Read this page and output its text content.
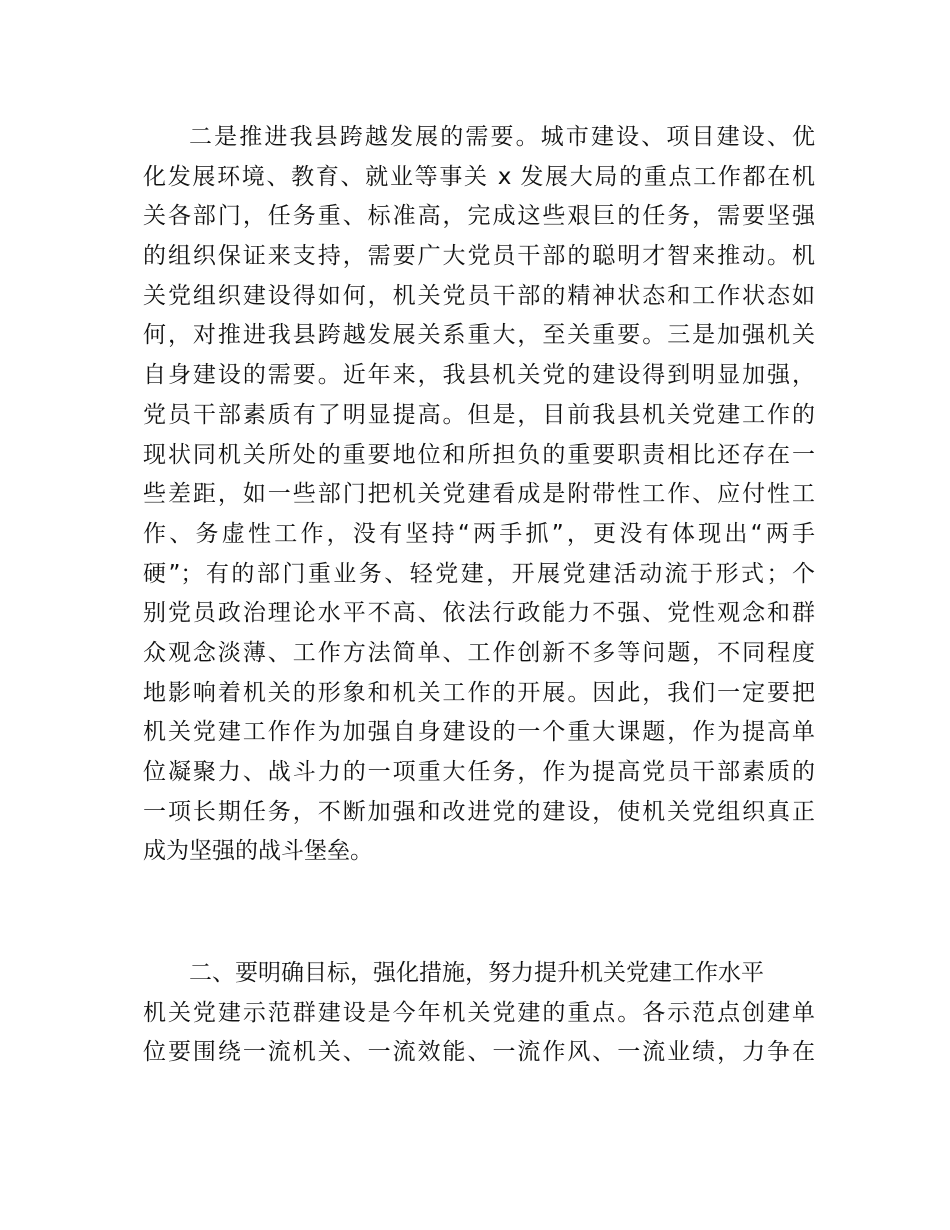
二是推进我县跨越发展的需要。城市建设、项目建设、优
化发展环境、教育、就业等事关 x 发展大局的重点工作都在机
关各部门，任务重、标准高，完成这些艰巨的任务，需要坚强
的组织保证来支持，需要广大党员干部的聪明才智来推动。机
关党组织建设得如何，机关党员干部的精神状态和工作状态如
何，对推进我县跨越发展关系重大，至关重要。三是加强机关
自身建设的需要。近年来，我县机关党的建设得到明显加强，
党员干部素质有了明显提高。但是，目前我县机关党建工作的
现状同机关所处的重要地位和所担负的重要职责相比还存在一
些差距，如一些部门把机关党建看成是附带性工作、应付性工
作、务虚性工作，没有坚持“两手抓”，更没有体现出“两手
硬”；有的部门重业务、轻党建，开展党建活动流于形式；个
别党员政治理论水平不高、依法行政能力不强、党性观念和群
众观念淡薄、工作方法简单、工作创新不多等问题，不同程度
地影响着机关的形象和机关工作的开展。因此，我们一定要把
机关党建工作作为加强自身建设的一个重大课题，作为提高单
位凝聚力、战斗力的一项重大任务，作为提高党员干部素质的
一项长期任务，不断加强和改进党的建设，使机关党组织真正
成为坚强的战斗堡垒。
二、要明确目标，强化措施，努力提升机关党建工作水平
机关党建示范群建设是今年机关党建的重点。各示范点创建单
位要围绕一流机关、一流效能、一流作风、一流业绩，力争在
